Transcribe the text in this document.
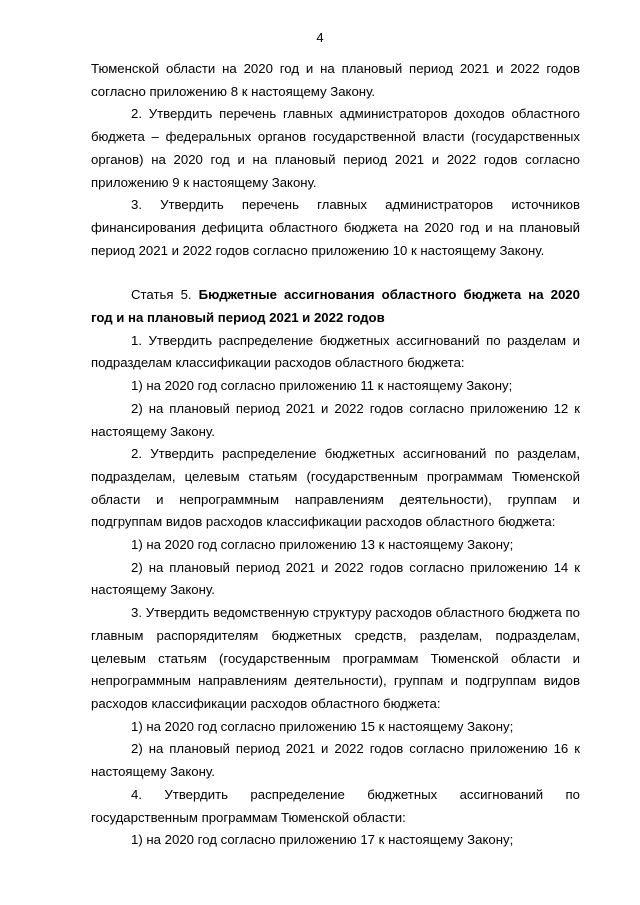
4

Тюменской области на 2020 год и на плановый период 2021 и 2022 годов согласно приложению 8 к настоящему Закону.

2. Утвердить перечень главных администраторов доходов областного бюджета – федеральных органов государственной власти (государственных органов) на 2020 год и на плановый период 2021 и 2022 годов согласно приложению 9 к настоящему Закону.

3. Утвердить перечень главных администраторов источников финансирования дефицита областного бюджета на 2020 год и на плановый период 2021 и 2022 годов согласно приложению 10 к настоящему Закону.

Статья 5. Бюджетные ассигнования областного бюджета на 2020 год и на плановый период 2021 и 2022 годов

1. Утвердить распределение бюджетных ассигнований по разделам и подразделам классификации расходов областного бюджета:

1) на 2020 год согласно приложению 11 к настоящему Закону;

2) на плановый период 2021 и 2022 годов согласно приложению 12 к настоящему Закону.

2. Утвердить распределение бюджетных ассигнований по разделам, подразделам, целевым статьям (государственным программам Тюменской области и непрограммным направлениям деятельности), группам и подгруппам видов расходов классификации расходов областного бюджета:

1) на 2020 год согласно приложению 13 к настоящему Закону;

2) на плановый период 2021 и 2022 годов согласно приложению 14 к настоящему Закону.

3. Утвердить ведомственную структуру расходов областного бюджета по главным распорядителям бюджетных средств, разделам, подразделам, целевым статьям (государственным программам Тюменской области и непрограммным направлениям деятельности), группам и подгруппам видов расходов классификации расходов областного бюджета:

1) на 2020 год согласно приложению 15 к настоящему Закону;

2) на плановый период 2021 и 2022 годов согласно приложению 16 к настоящему Закону.

4. Утвердить распределение бюджетных ассигнований по государственным программам Тюменской области:

1) на 2020 год согласно приложению 17 к настоящему Закону;
